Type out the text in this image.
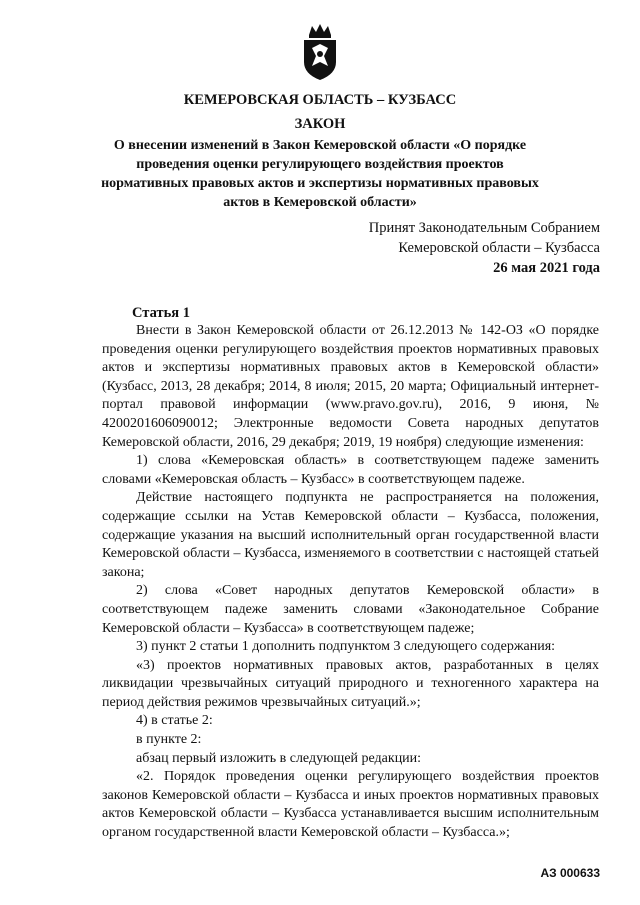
КЕМЕРОВСКАЯ ОБЛАСТЬ – КУЗБАСС
ЗАКОН
О внесении изменений в Закон Кемеровской области «О порядке проведения оценки регулирующего воздействия проектов нормативных правовых актов и экспертизы нормативных правовых актов в Кемеровской области»
Принят Законодательным Собранием
Кемеровской области – Кузбасса
26 мая 2021 года
Статья 1

Внести в Закон Кемеровской области от 26.12.2013 № 142-ОЗ «О порядке проведения оценки регулирующего воздействия проектов нормативных правовых актов и экспертизы нормативных правовых актов в Кемеровской области» (Кузбасс, 2013, 28 декабря; 2014, 8 июля; 2015, 20 марта; Официальный интернет-портал правовой информации (www.pravo.gov.ru), 2016, 9 июня, № 4200201606090012; Электронные ведомости Совета народных депутатов Кемеровской области, 2016, 29 декабря; 2019, 19 ноября) следующие изменения:

1) слова «Кемеровская область» в соответствующем падеже заменить словами «Кемеровская область – Кузбасс» в соответствующем падеже.

Действие настоящего подпункта не распространяется на положения, содержащие ссылки на Устав Кемеровской области – Кузбасса, положения, содержащие указания на высший исполнительный орган государственной власти Кемеровской области – Кузбасса, изменяемого в соответствии с настоящей статьей закона;

2) слова «Совет народных депутатов Кемеровской области» в соответствующем падеже заменить словами «Законодательное Собрание Кемеровской области – Кузбасса» в соответствующем падеже;

3) пункт 2 статьи 1 дополнить подпунктом 3 следующего содержания:

«3) проектов нормативных правовых актов, разработанных в целях ликвидации чрезвычайных ситуаций природного и техногенного характера на период действия режимов чрезвычайных ситуаций.»;

4) в статье 2:

в пункте 2:

абзац первый изложить в следующей редакции:

«2. Порядок проведения оценки регулирующего воздействия проектов законов Кемеровской области – Кузбасса и иных проектов нормативных правовых актов Кемеровской области – Кузбасса устанавливается высшим исполнительным органом государственной власти Кемеровской области – Кузбасса.»;

АЗ 000633
